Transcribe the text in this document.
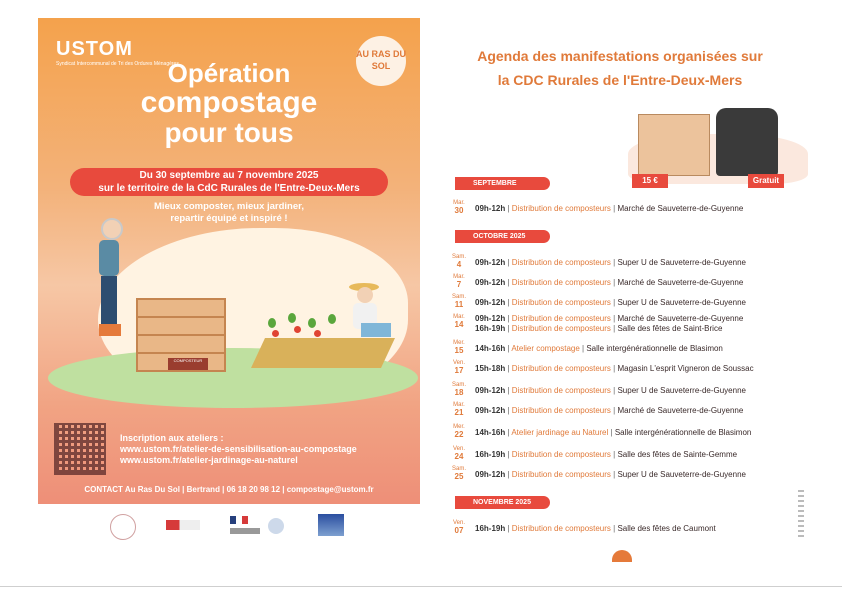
USTOM
Syndicat Intercommunal de Tri des Ordures Ménagères
AU RAS DU SOL
Opération
compostage
pour tous
Du 30 septembre au 7 novembre 2025
sur le territoire de la CdC Rurales de l'Entre-Deux-Mers
Mieux composter, mieux jardiner,
repartir équipé et inspiré !
COMPOSTEUR
Inscription aux ateliers :
www.ustom.fr/atelier-de-sensibilisation-au-compostage
www.ustom.fr/atelier-jardinage-au-naturel
CONTACT Au Ras Du Sol | Bertrand | 06 18 20 98 12 | compostage@ustom.fr
Agenda des manifestations organisées sur
la CDC Rurales de l'Entre-Deux-Mers
15 €	Gratuit
SEPTEMBRE 2025
Mar.
30	09h-12h | Distribution de composteurs | Marché de Sauveterre-de-Guyenne
OCTOBRE 2025
Sam.
4	09h-12h | Distribution de composteurs | Super U de Sauveterre-de-Guyenne
Mar.
7	09h-12h | Distribution de composteurs | Marché de Sauveterre-de-Guyenne
Sam.
11	09h-12h | Distribution de composteurs | Super U de Sauveterre-de-Guyenne
Mar.
14
09h-12h | Distribution de composteurs | Marché de Sauveterre-de-Guyenne
16h-19h | Distribution de composteurs | Salle des fêtes de Saint-Brice
Mer.
15	14h-16h | Atelier compostage | Salle intergénérationnelle de Blasimon
Ven.
17	15h-18h | Distribution de composteurs | Magasin L'esprit Vigneron de Soussac
Sam.
18	09h-12h | Distribution de composteurs | Super U de Sauveterre-de-Guyenne
Mar.
21	09h-12h | Distribution de composteurs | Marché de Sauveterre-de-Guyenne
Mer.
22	14h-16h | Atelier jardinage au Naturel | Salle intergénérationnelle de Blasimon
Ven.
24	16h-19h | Distribution de composteurs | Salle des fêtes de Sainte-Gemme
Sam.
25	09h-12h | Distribution de composteurs | Super U de Sauveterre-de-Guyenne
NOVEMBRE 2025
Ven.
07	16h-19h | Distribution de composteurs | Salle des fêtes de Caumont
